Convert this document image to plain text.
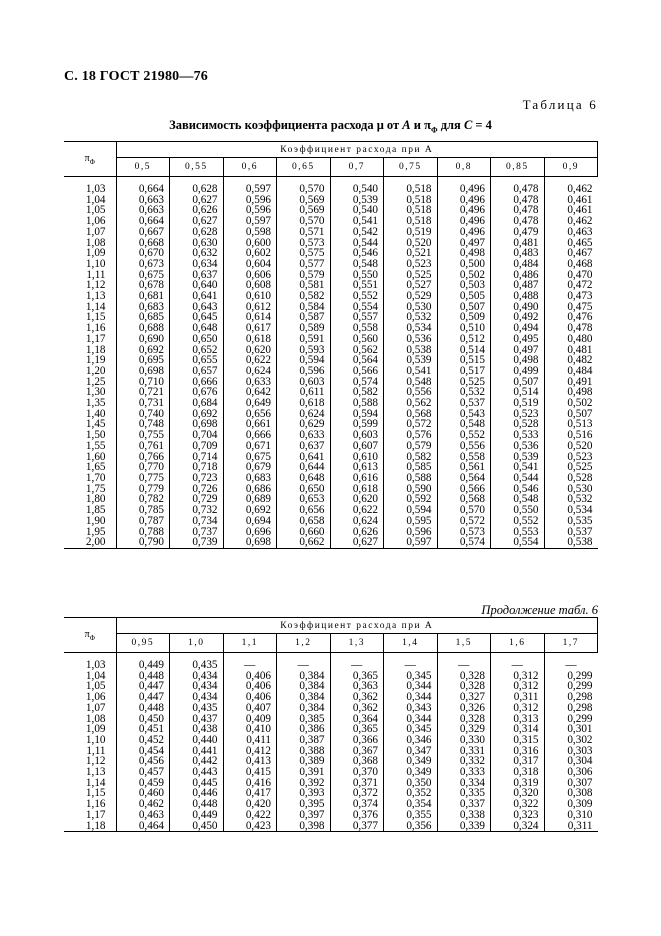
С. 18 ГОСТ 21980—76
Таблица 6
Зависимость коэффициента расхода μ от A и $\pi_\Phi$ для C = 4
Продолжение табл. 6
$\pi_\Phi$	Коэффициент расхода при A								
	0,5	0,55	0,6	0,65	0,7	0,75	0,8	0,85	0,9
1,03	0,664	0,628	0,597	0,570	0,540	0,518	0,496	0,478	0,462
1,04	0,663	0,627	0,596	0,569	0,539	0,518	0,496	0,478	0,461
1,05	0,663	0,626	0,596	0,569	0,540	0,518	0,496	0,478	0,461
1,06	0,664	0,627	0,597	0,570	0,541	0,518	0,496	0,478	0,462
1,07	0,667	0,628	0,598	0,571	0,542	0,519	0,496	0,479	0,463
1,08	0,668	0,630	0,600	0,573	0,544	0,520	0,497	0,481	0,465
1,09	0,670	0,632	0,602	0,575	0,546	0,521	0,498	0,483	0,467
1,10	0,673	0,634	0,604	0,577	0,548	0,523	0,500	0,484	0,468
1,11	0,675	0,637	0,606	0,579	0,550	0,525	0,502	0,486	0,470
1,12	0,678	0,640	0,608	0,581	0,551	0,527	0,503	0,487	0,472
1,13	0,681	0,641	0,610	0,582	0,552	0,529	0,505	0,488	0,473
1,14	0,683	0,643	0,612	0,584	0,554	0,530	0,507	0,490	0,475
1,15	0,685	0,645	0,614	0,587	0,557	0,532	0,509	0,492	0,476
1,16	0,688	0,648	0,617	0,589	0,558	0,534	0,510	0,494	0,478
1,17	0,690	0,650	0,618	0,591	0,560	0,536	0,512	0,495	0,480
1,18	0,692	0,652	0,620	0,593	0,562	0,538	0,514	0,497	0,481
1,19	0,695	0,655	0,622	0,594	0,564	0,539	0,515	0,498	0,482
1,20	0,698	0,657	0,624	0,596	0,566	0,541	0,517	0,499	0,484
1,25	0,710	0,666	0,633	0,603	0,574	0,548	0,525	0,507	0,491
1,30	0,721	0,676	0,642	0,611	0,582	0,556	0,532	0,514	0,498
1,35	0,731	0,684	0,649	0,618	0,588	0,562	0,537	0,519	0,502
1,40	0,740	0,692	0,656	0,624	0,594	0,568	0,543	0,523	0,507
1,45	0,748	0,698	0,661	0,629	0,599	0,572	0,548	0,528	0,513
1,50	0,755	0,704	0,666	0,633	0,603	0,576	0,552	0,533	0,516
1,55	0,761	0,709	0,671	0,637	0,607	0,579	0,556	0,536	0,520
1,60	0,766	0,714	0,675	0,641	0,610	0,582	0,558	0,539	0,523
1,65	0,770	0,718	0,679	0,644	0,613	0,585	0,561	0,541	0,525
1,70	0,775	0,723	0,683	0,648	0,616	0,588	0,564	0,544	0,528
1,75	0,779	0,726	0,686	0,650	0,618	0,590	0,566	0,546	0,530
1,80	0,782	0,729	0,689	0,653	0,620	0,592	0,568	0,548	0,532
1,85	0,785	0,732	0,692	0,656	0,622	0,594	0,570	0,550	0,534
1,90	0,787	0,734	0,694	0,658	0,624	0,595	0,572	0,552	0,535
1,95	0,788	0,737	0,696	0,660	0,626	0,596	0,573	0,553	0,537
2,00	0,790	0,739	0,698	0,662	0,627	0,597	0,574	0,554	0,538
$\pi_\Phi$	Коэффициент расхода при A								
	0,95	1,0	1,1	1,2	1,3	1,4	1,5	1,6	1,7
1,03	0,449	0,435	—	—	—	—	—	—	—
1,04	0,448	0,434	0,406	0,384	0,365	0,345	0,328	0,312	0,299
1,05	0,447	0,434	0,406	0,384	0,363	0,344	0,328	0,312	0,299
1,06	0,447	0,434	0,406	0,384	0,362	0,344	0,327	0,311	0,298
1,07	0,448	0,435	0,407	0,384	0,362	0,343	0,326	0,312	0,298
1,08	0,450	0,437	0,409	0,385	0,364	0,344	0,328	0,313	0,299
1,09	0,451	0,438	0,410	0,386	0,365	0,345	0,329	0,314	0,301
1,10	0,452	0,440	0,411	0,387	0,366	0,346	0,330	0,315	0,302
1,11	0,454	0,441	0,412	0,388	0,367	0,347	0,331	0,316	0,303
1,12	0,456	0,442	0,413	0,389	0,368	0,349	0,332	0,317	0,304
1,13	0,457	0,443	0,415	0,391	0,370	0,349	0,333	0,318	0,306
1,14	0,459	0,445	0,416	0,392	0,371	0,350	0,334	0,319	0,307
1,15	0,460	0,446	0,417	0,393	0,372	0,352	0,335	0,320	0,308
1,16	0,462	0,448	0,420	0,395	0,374	0,354	0,337	0,322	0,309
1,17	0,463	0,449	0,422	0,397	0,376	0,355	0,338	0,323	0,310
1,18	0,464	0,450	0,423	0,398	0,377	0,356	0,339	0,324	0,311
